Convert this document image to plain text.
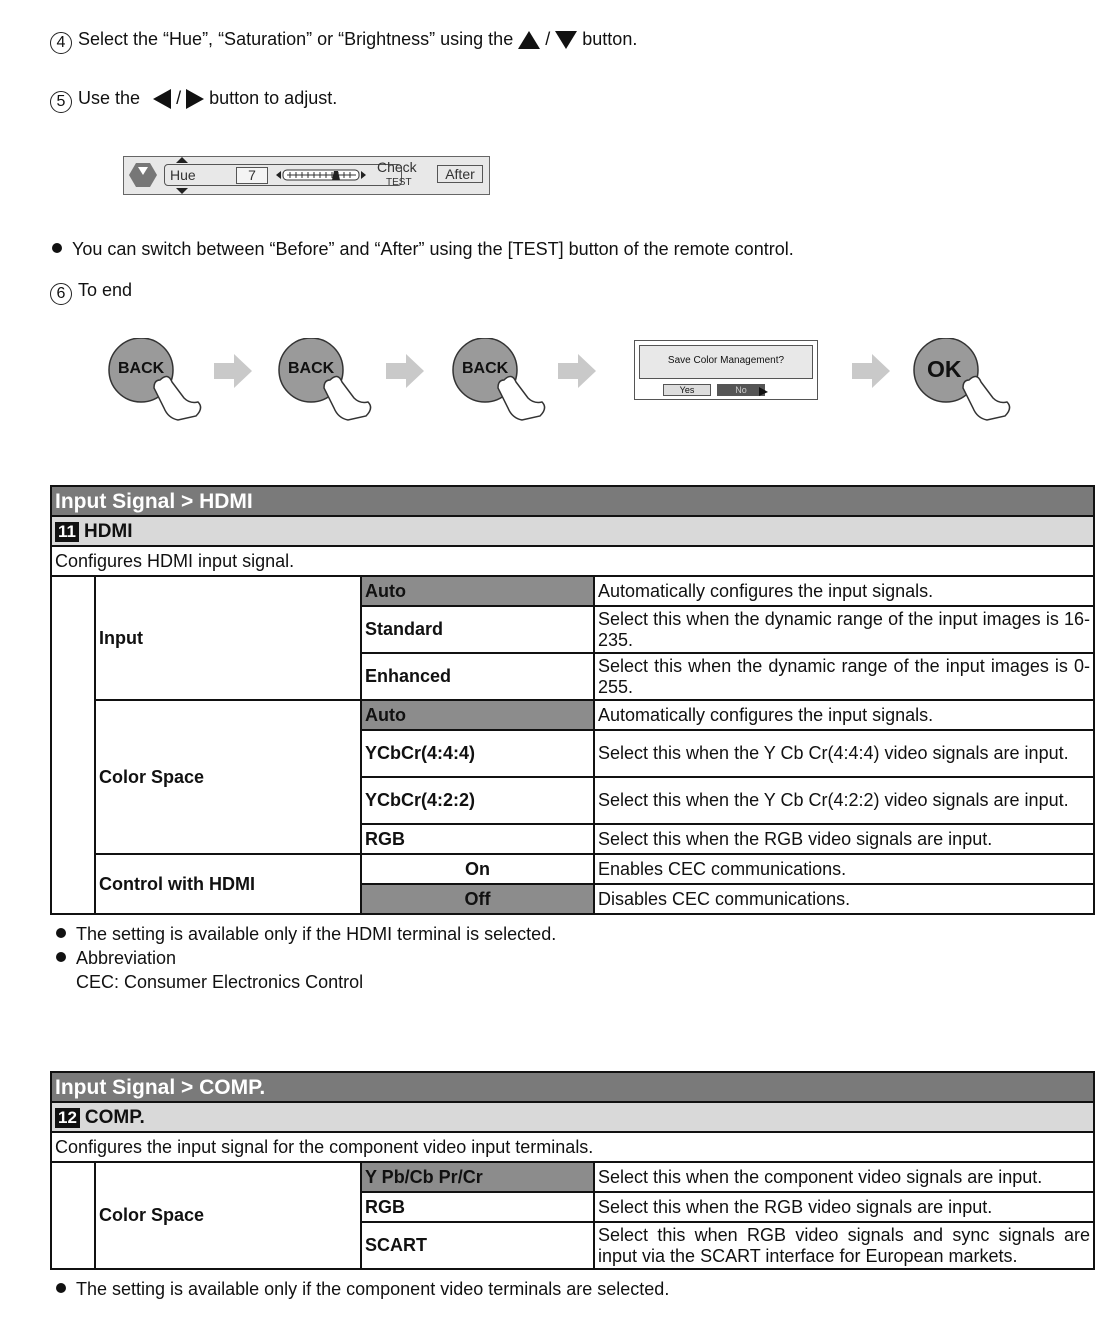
4 Select the “Hue”, “Saturation” or “Brightness” using the / button.
5 Use the / button to adjust.
Hue	7	Check
TEST
After
You can switch between “Before” and “After” using the [TEST] button of the remote control.
6 To end
BACK	BACK	BACK	Save Color Management?
Yes	No
OK
Input Signal > HDMI			
11 HDMI			
Configures HDMI input signal.			
	Input	Auto	Automatically configures the input signals.
		Standard	Select this when the dynamic range of the input images is 16-235.
		Enhanced	Select this when the dynamic range of the input images is 0-255.
	Color Space	Auto	Automatically configures the input signals.
		YCbCr(4:4:4)	Select this when the Y Cb Cr(4:4:4) video signals are input.
		YCbCr(4:2:2)	Select this when the Y Cb Cr(4:2:2) video signals are input.
		RGB	Select this when the RGB video signals are input.
	Control with HDMI	On	Enables CEC communications.
		Off	Disables CEC communications.
The setting is available only if the HDMI terminal is selected.
Abbreviation
CEC: Consumer Electronics Control
Input Signal > COMP.			
12 COMP.			
Configures the input signal for the component video input terminals.			
	Color Space	Y Pb/Cb Pr/Cr	Select this when the component video signals are input.
		RGB	Select this when the RGB video signals are input.
		SCART	Select this when RGB video signals and sync signals are input via the SCART interface for European markets.
The setting is available only if the component video terminals are selected.
